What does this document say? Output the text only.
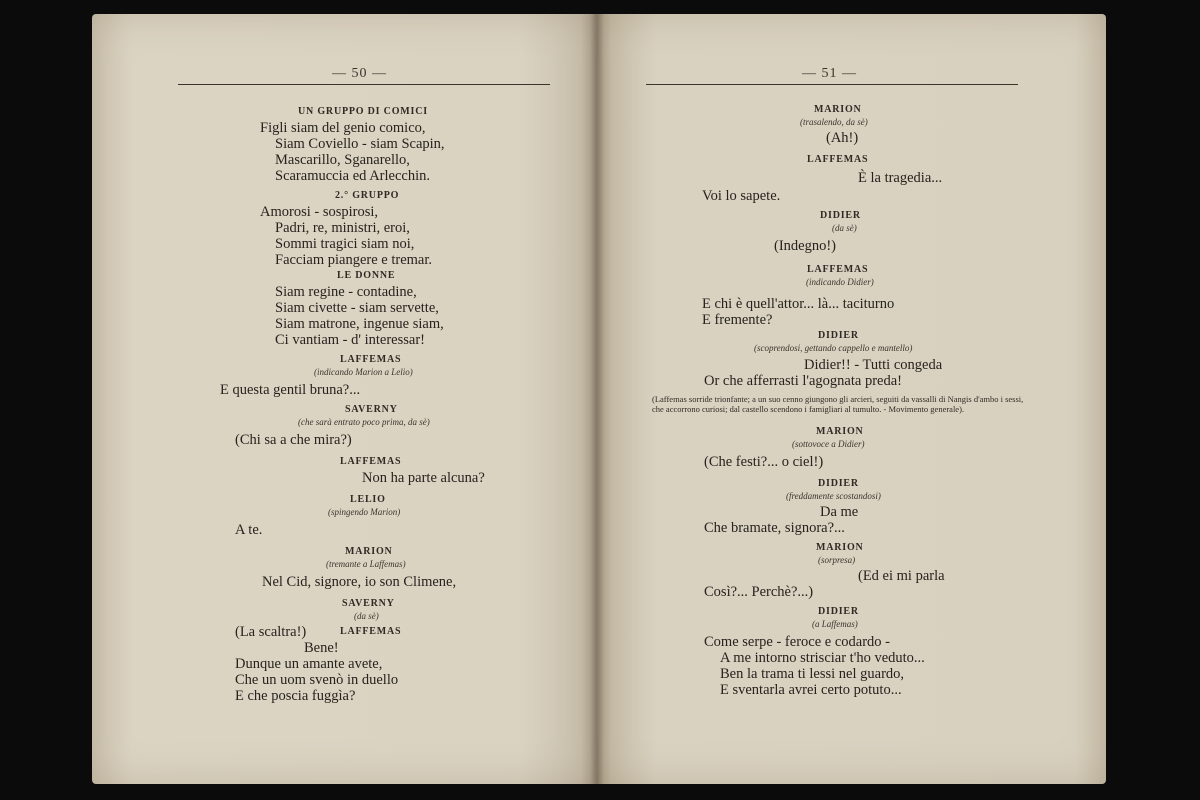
— 50 —
UN GRUPPO DI COMICI
Figli siam del genio comico,
Siam Coviello - siam Scapin,
Mascarillo, Sganarello,
Scaramuccia ed Arlecchin.
2.° GRUPPO
Amorosi - sospirosi,
Padri, re, ministri, eroi,
Sommi tragici siam noi,
Facciam piangere e tremar.
LE DONNE
Siam regine - contadine,
Siam civette - siam servette,
Siam matrone, ingenue siam,
Ci vantiam - d' interessar!
LAFFEMAS
(indicando Marion a Lelio)
E questa gentil bruna?...
SAVERNY
(che sarà entrato poco prima, da sè)
(Chi sa a che mira?)
LAFFEMAS
Non ha parte alcuna?
LELIO
(spingendo Marion)
A te.
MARION
(tremante a Laffemas)
Nel Cid, signore, io son Climene,
SAVERNY
(da sè)
(La scaltra!)	LAFFEMAS
Bene!
Dunque un amante avete,
Che un uom svenò in duello
E che poscia fuggìa?
— 51 —
MARION
(trasalendo, da sè)
(Ah!)
LAFFEMAS
È la tragedia...
Voi lo sapete.
DIDIER
(da sè)
(Indegno!)
LAFFEMAS
(indicando Didier)
E chi è quell'attor... là... taciturno
E fremente?
DIDIER
(scoprendosi, gettando cappello e mantello)
Didier!! - Tutti congeda
Or che afferrasti l'agognata preda!
(Laffemas sorride trionfante; a un suo cenno giungono gli arcieri, seguiti da vassalli di Nangis d'ambo i sessi, che accorrono curiosi; dal castello scendono i famigliari al tumulto. - Movimento generale).
MARION
(sottovoce a Didier)
(Che festi?... o ciel!)
DIDIER
(freddamente scostandosi)
Da me
Che bramate, signora?...
MARION
(sorpresa)
(Ed ei mi parla
Così?... Perchè?...)
DIDIER
(a Laffemas)
Come serpe - feroce e codardo -
A me intorno strisciar t'ho veduto...
Ben la trama ti lessi nel guardo,
E sventarla avrei certo potuto...
